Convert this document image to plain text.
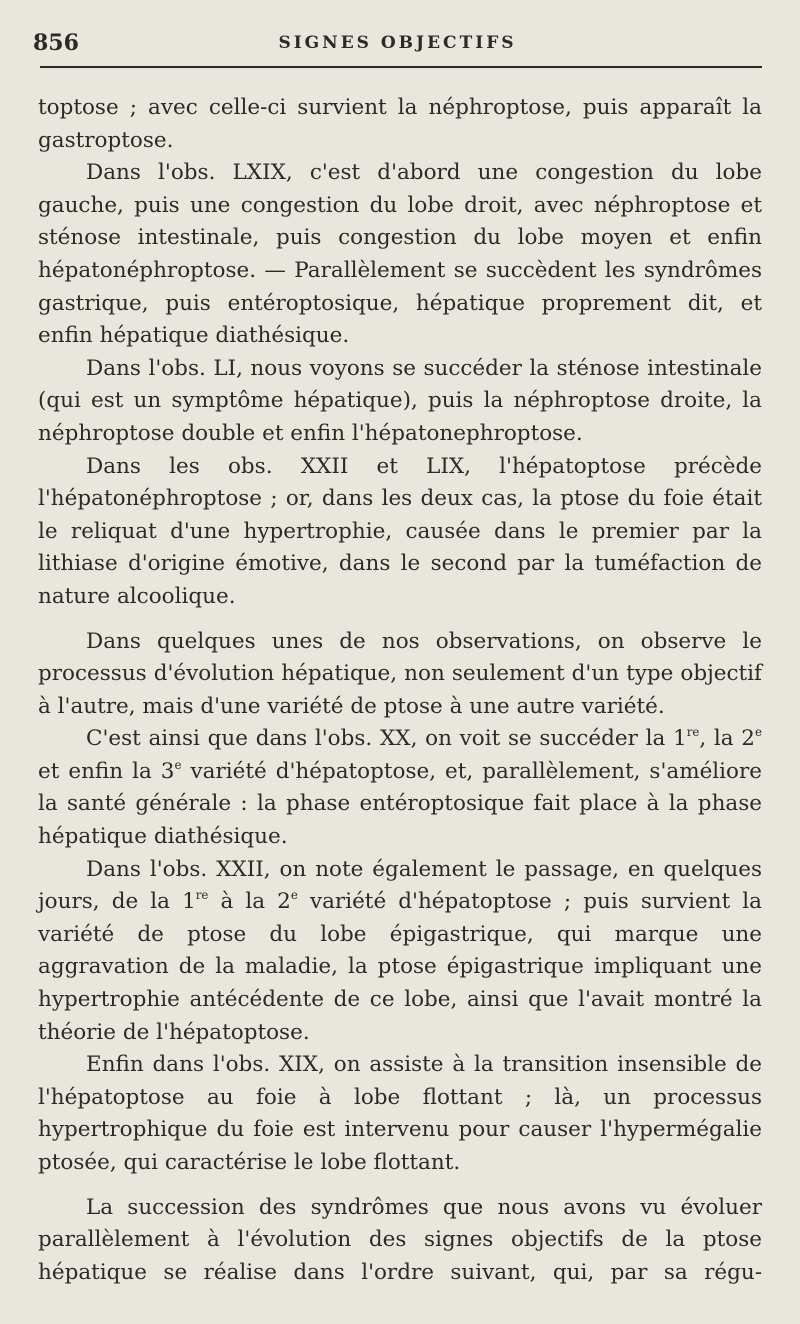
856	SIGNES OBJECTIFS

toptose ; avec celle-ci survient la néphroptose, puis apparaît la gastroptose.

Dans l'obs. LXIX, c'est d'abord une congestion du lobe gauche, puis une congestion du lobe droit, avec néphroptose et sténose intestinale, puis congestion du lobe moyen et enfin hépatonéphroptose. — Parallèlement se succèdent les syndrômes gastrique, puis entéroptosique, hépatique proprement dit, et enfin hépatique diathésique.

Dans l'obs. LI, nous voyons se succéder la sténose intestinale (qui est un symptôme hépatique), puis la néphroptose droite, la néphroptose double et enfin l'hépatonephroptose.

Dans les obs. XXII et LIX, l'hépatoptose précède l'hépatonéphroptose ; or, dans les deux cas, la ptose du foie était le reliquat d'une hypertrophie, causée dans le premier par la lithiase d'origine émotive, dans le second par la tuméfaction de nature alcoolique.

Dans quelques unes de nos observations, on observe le processus d'évolution hépatique, non seulement d'un type objectif à l'autre, mais d'une variété de ptose à une autre variété.

C'est ainsi que dans l'obs. XX, on voit se succéder la 1re, la 2e et enfin la 3e variété d'hépatoptose, et, parallèlement, s'améliore la santé générale : la phase entéroptosique fait place à la phase hépatique diathésique.

Dans l'obs. XXII, on note également le passage, en quelques jours, de la 1re à la 2e variété d'hépatoptose ; puis survient la variété de ptose du lobe épigastrique, qui marque une aggravation de la maladie, la ptose épigastrique impliquant une hypertrophie antécédente de ce lobe, ainsi que l'avait montré la théorie de l'hépatoptose.

Enfin dans l'obs. XIX, on assiste à la transition insensible de l'hépatoptose au foie à lobe flottant ; là, un processus hypertrophique du foie est intervenu pour causer l'hypermégalie ptosée, qui caractérise le lobe flottant.

La succession des syndrômes que nous avons vu évoluer parallèlement à l'évolution des signes objectifs de la ptose hépatique se réalise dans l'ordre suivant, qui, par sa régu-
